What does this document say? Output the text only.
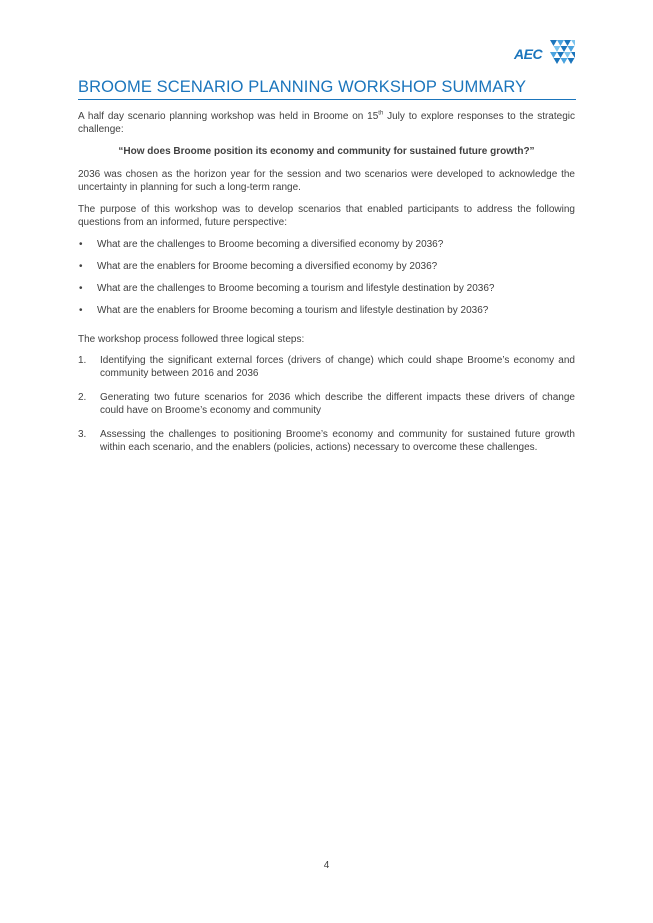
AEC
BROOME SCENARIO PLANNING WORKSHOP SUMMARY

A half day scenario planning workshop was held in Broome on 15th July to explore responses to the strategic challenge:

“How does Broome position its economy and community for sustained future growth?”

2036 was chosen as the horizon year for the session and two scenarios were developed to acknowledge the uncertainty in planning for such a long-term range.

The purpose of this workshop was to develop scenarios that enabled participants to address the following questions from an informed, future perspective:

• What are the challenges to Broome becoming a diversified economy by 2036?
• What are the enablers for Broome becoming a diversified economy by 2036?
• What are the challenges to Broome becoming a tourism and lifestyle destination by 2036?
• What are the enablers for Broome becoming a tourism and lifestyle destination by 2036?

The workshop process followed three logical steps:

1. Identifying the significant external forces (drivers of change) which could shape Broome’s economy and community between 2016 and 2036
2. Generating two future scenarios for 2036 which describe the different impacts these drivers of change could have on Broome’s economy and community
3. Assessing the challenges to positioning Broome’s economy and community for sustained future growth within each scenario, and the enablers (policies, actions) necessary to overcome these challenges.
4
